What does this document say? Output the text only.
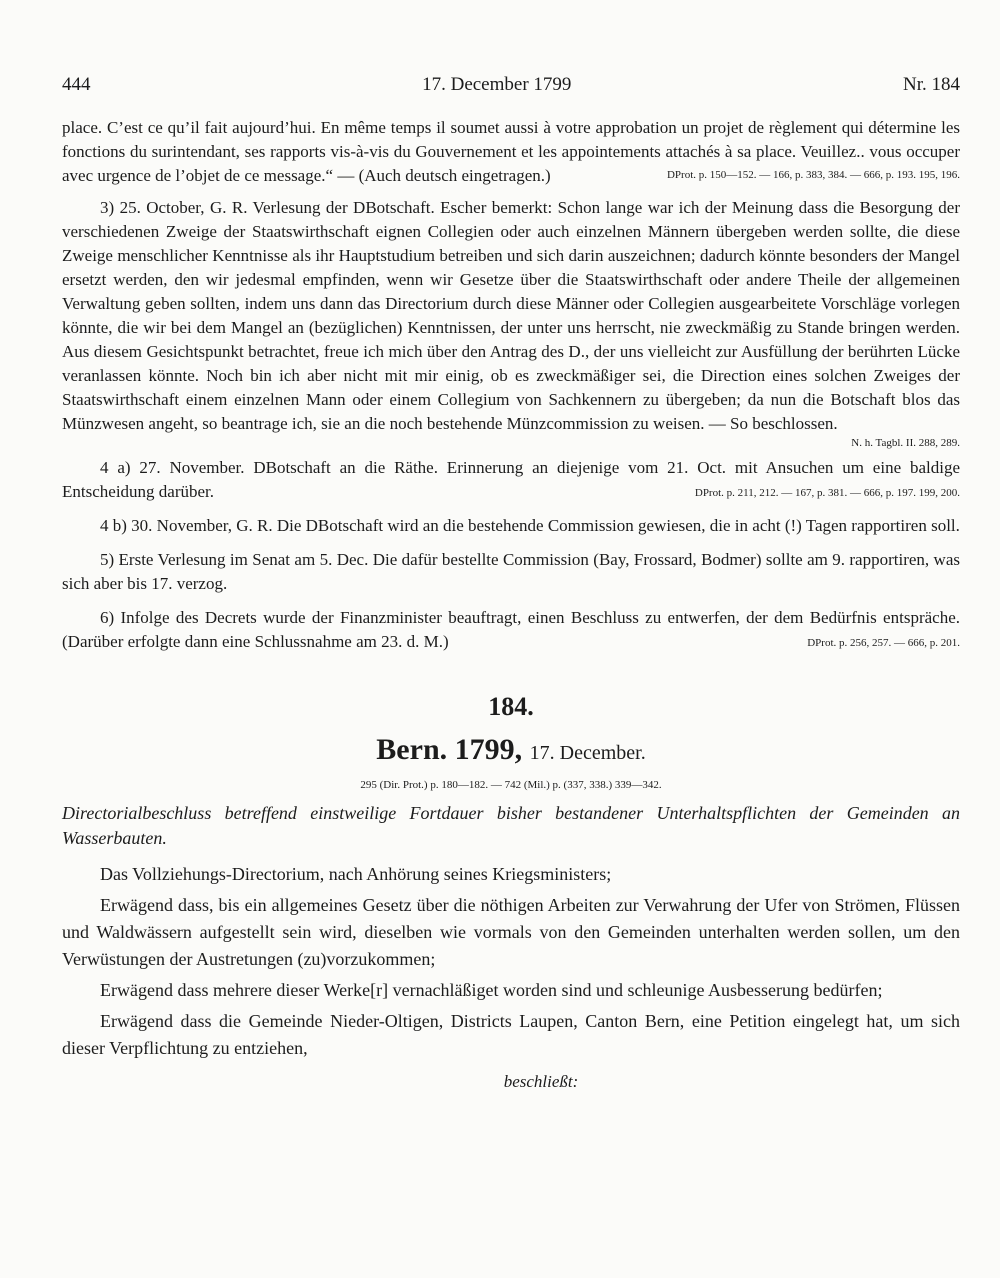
444	17. December 1799	Nr. 184

place. C’est ce qu’il fait aujourd’hui. En même temps il soumet aussi à votre approbation un projet de règlement qui détermine les fonctions du surintendant, ses rapports vis-à-vis du Gouvernement et les appointements attachés à sa place. Veuillez.. vous occuper avec urgence de l’objet de ce message.“ — (Auch deutsch eingetragen.)	DProt. p. 150—152. — 166, p. 383, 384. — 666, p. 193. 195, 196.

3) 25. October, G. R. Verlesung der DBotschaft. Escher bemerkt: Schon lange war ich der Meinung dass die Besorgung der verschiedenen Zweige der Staatswirthschaft eignen Collegien oder auch einzelnen Männern übergeben werden sollte, die diese Zweige menschlicher Kenntnisse als ihr Hauptstudium betreiben und sich darin auszeichnen; dadurch könnte besonders der Mangel ersetzt werden, den wir jedesmal empfinden, wenn wir Gesetze über die Staatswirthschaft oder andere Theile der allgemeinen Verwaltung geben sollten, indem uns dann das Directorium durch diese Männer oder Collegien ausgearbeitete Vorschläge vorlegen könnte, die wir bei dem Mangel an (bezüglichen) Kenntnissen, der unter uns herrscht, nie zweckmäßig zu Stande bringen werden. Aus diesem Gesichtspunkt betrachtet, freue ich mich über den Antrag des D., der uns vielleicht zur Ausfüllung der berührten Lücke veranlassen könnte. Noch bin ich aber nicht mit mir einig, ob es zweckmäßiger sei, die Direction eines solchen Zweiges der Staatswirthschaft einem einzelnen Mann oder einem Collegium von Sachkennern zu übergeben; da nun die Botschaft blos das Münzwesen angeht, so beantrage ich, sie an die noch bestehende Münzcommission zu weisen. — So beschlossen.

N. h. Tagbl. II. 288, 289.

4 a) 27. November. DBotschaft an die Räthe. Erinnerung an diejenige vom 21. Oct. mit Ansuchen um eine baldige Entscheidung darüber.	DProt. p. 211, 212. — 167, p. 381. — 666, p. 197. 199, 200.

4 b) 30. November, G. R. Die DBotschaft wird an die bestehende Commission gewiesen, die in acht (!) Tagen rapportiren soll.

5) Erste Verlesung im Senat am 5. Dec. Die dafür bestellte Commission (Bay, Frossard, Bodmer) sollte am 9. rapportiren, was sich aber bis 17. verzog.

6) Infolge des Decrets wurde der Finanzminister beauftragt, einen Beschluss zu entwerfen, der dem Bedürfnis entspräche. (Darüber erfolgte dann eine Schlussnahme am 23. d. M.)	DProt. p. 256, 257. — 666, p. 201.
184.
Bern. 1799, 17. December.
295 (Dir. Prot.) p. 180—182. — 742 (Mil.) p. (337, 338.) 339—342.
Directorialbeschluss betreffend einstweilige Fortdauer bisher bestandener Unterhaltspflichten der Gemeinden an Wasserbauten.

Das Vollziehungs-Directorium, nach Anhörung seines Kriegsministers;

Erwägend dass, bis ein allgemeines Gesetz über die nöthigen Arbeiten zur Verwahrung der Ufer von Strömen, Flüssen und Waldwässern aufgestellt sein wird, dieselben wie vormals von den Gemeinden unterhalten werden sollen, um den Verwüstungen der Austretungen (zu)vorzukommen;

Erwägend dass mehrere dieser Werke[r] vernachläßiget worden sind und schleunige Ausbesserung bedürfen;

Erwägend dass die Gemeinde Nieder-Oltigen, Districts Laupen, Canton Bern, eine Petition eingelegt hat, um sich dieser Verpflichtung zu entziehen,

beschließt:
